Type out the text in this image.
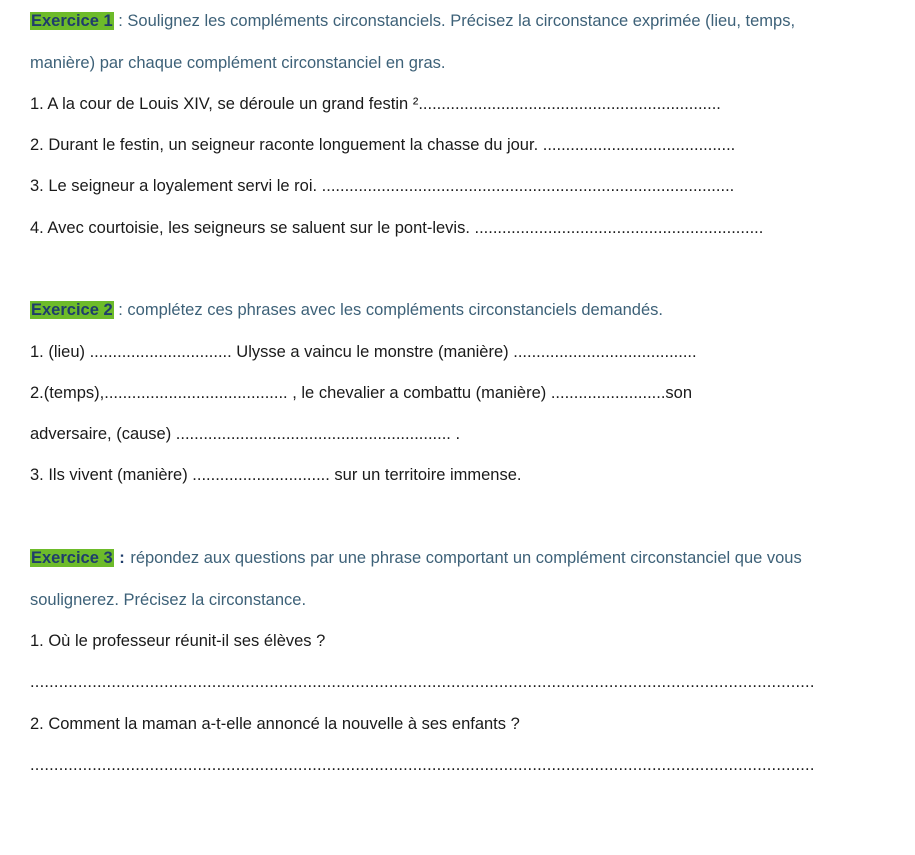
Exercice 1 : Soulignez les compléments circonstanciels. Précisez la circonstance exprimée (lieu, temps,
manière) par chaque complément circonstanciel en gras.
1. A la cour de Louis XIV, se déroule un grand festin ²..................................................................
2. Durant le festin, un seigneur raconte longuement la chasse du jour. ..........................................
3. Le seigneur a loyalement servi le roi. ..........................................................................................
4. Avec courtoisie, les seigneurs se saluent sur le pont-levis. ...............................................................
Exercice 2 : complétez ces phrases avec les compléments circonstanciels demandés.
1. (lieu) ............................... Ulysse a vaincu le monstre (manière) ........................................
2.(temps),........................................ , le chevalier a combattu (manière) .........................son
adversaire, (cause) ............................................................ .
3. Ils vivent (manière) .............................. sur un territoire immense.
Exercice 3 : répondez aux questions par une phrase comportant un complément circonstanciel que vous
soulignerez. Précisez la circonstance.
1. Où le professeur réunit-il ses élèves ?
....................................................................................................................................................................
2. Comment la maman a-t-elle annoncé la nouvelle à ses enfants ?
....................................................................................................................................................................
